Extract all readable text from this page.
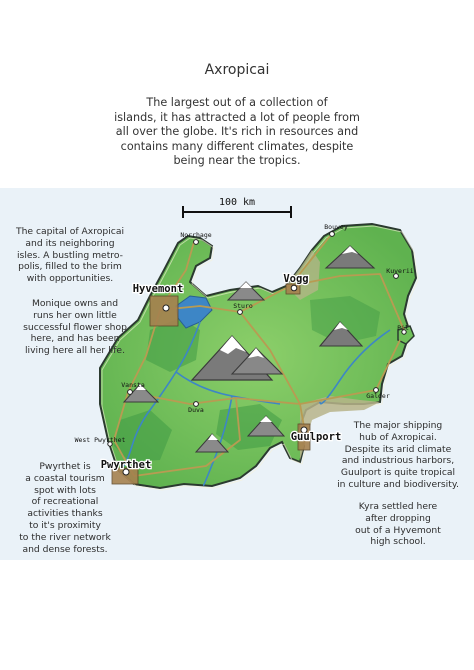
Axropicai
The largest out of a collection of
islands, it has attracted a lot of people from
all over the globe. It's rich in resources and
contains many different climates, despite
being near the tropics.
100 km
Norrhage
Bouvey
Hyvemont
Vogg
Kuverii
Sturo
Pil
Vansta
Duva
Galder
Guulport
West Pwyrthet
Pwyrthet
The capital of Axropicai
and its neighboring
isles. A bustling metro-
polis, filled to the brim
with opportunities.
Monique owns and
runs her own little
successful flower shop
here, and has been
living here all her life.
The major shipping
hub of Axropicai.
Despite its arid climate
and industrious harbors,
Guulport is quite tropical
in culture and biodiversity.
Kyra settled here
after dropping
out of a Hyvemont
high school.
Pwyrthet is
a coastal tourism
spot with lots
of recreational
activities thanks
to it's proximity
to the river network
and dense forests.
